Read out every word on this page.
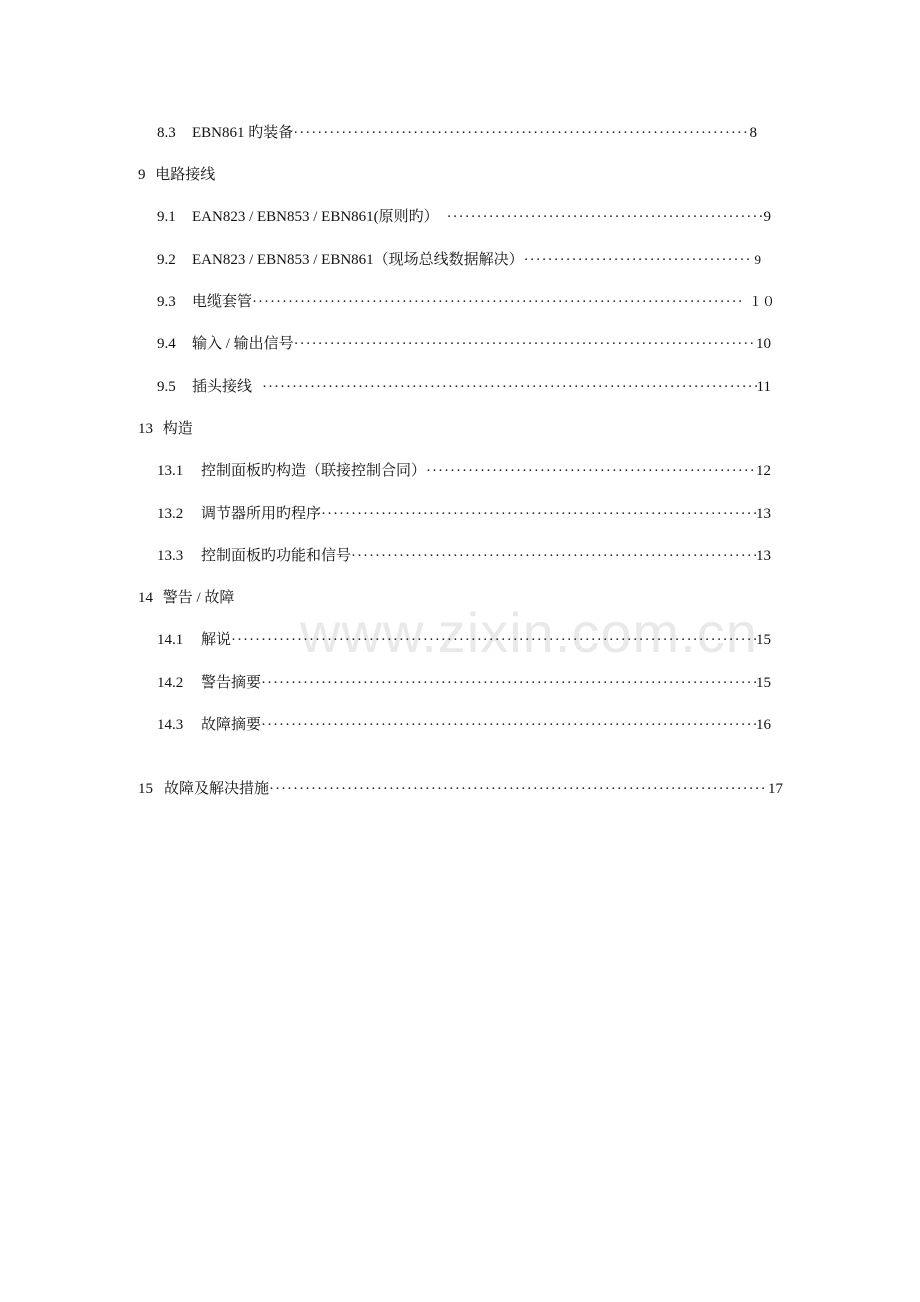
www.zixin.com.cn
8.3	EBN861 旳装备 ·····	8
9 电路接线
9.1	EAN823 / EBN853 / EBN861(原则旳） ·····	9
9.2	EAN823 / EBN853 / EBN861（现场总线数据解决） ·····	9
9.3	电缆套管 ·····	１０
9.4	输入 / 输出信号 ·····	10
9.5	插头接线 ·····	11
13 构造
13.1	控制面板旳构造（联接控制合同） ·····	12
13.2	调节器所用旳程序 ·····	13
13.3	控制面板旳功能和信号 ·····	13
14 警告 / 故障
14.1	解说 ·····	15
14.2	警告摘要 ·····	15
14.3	故障摘要 ·····	16
15 故障及解决措施 ·····	17
